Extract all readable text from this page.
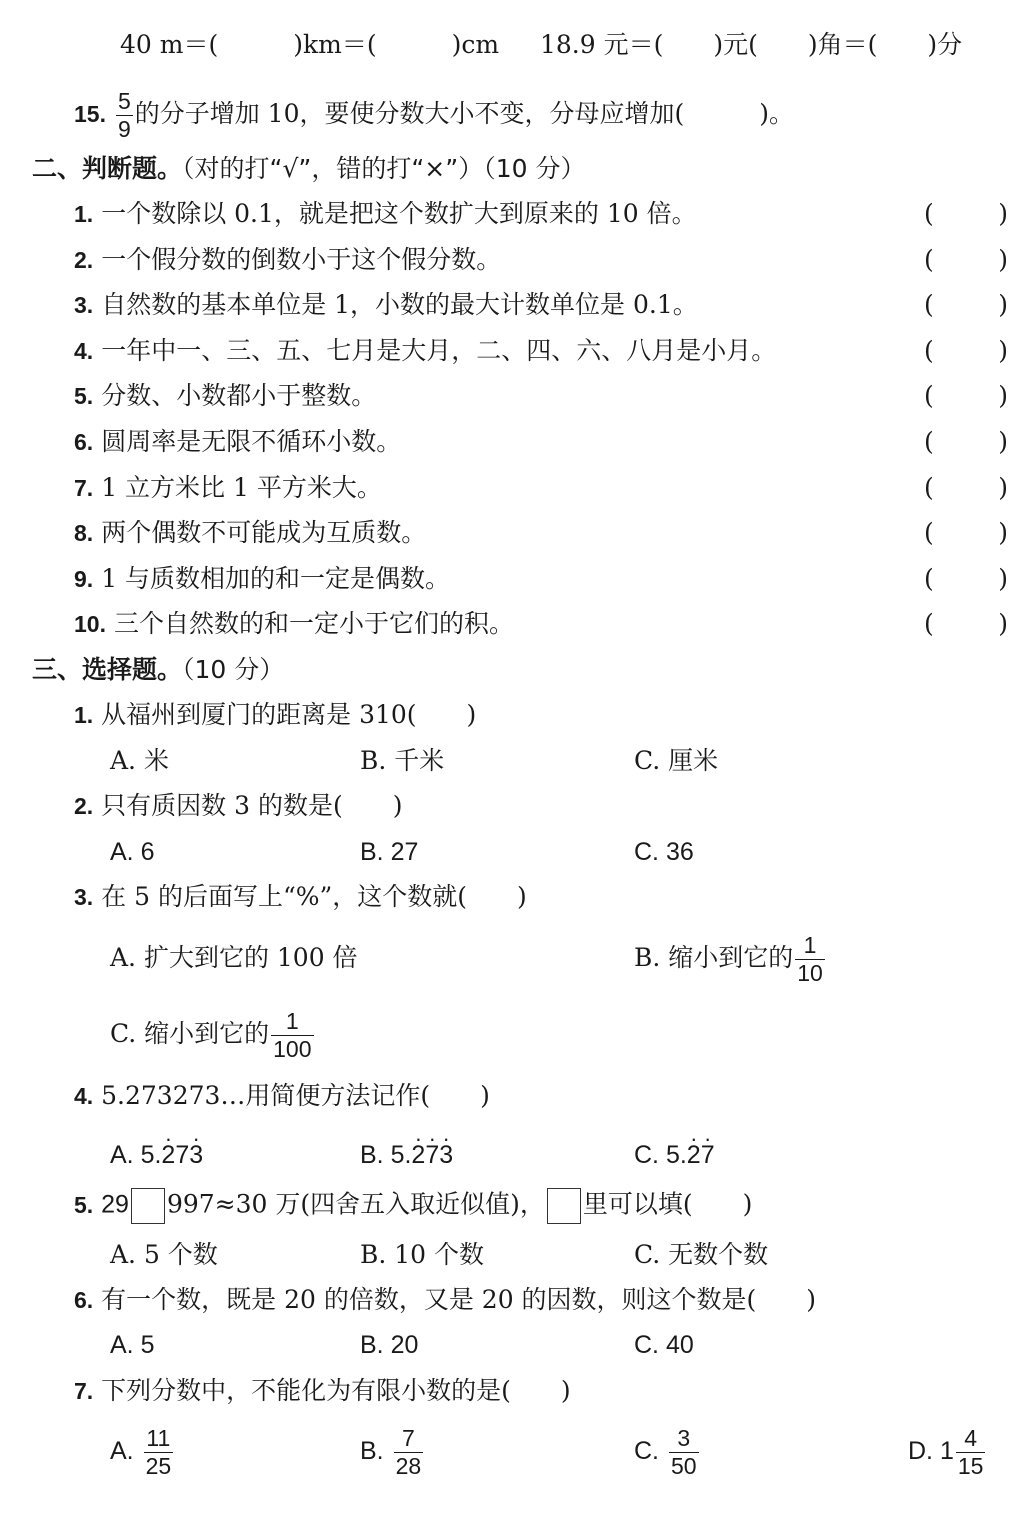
40 m＝(　　　)km＝(　　　)cm 18.9 元＝(　　)元(　　)角＝(　　)分
15. $\frac{5}{9}$ 的分子增加 10，要使分数大小不变，分母应增加(　　　)。
二、判断题。（对的打“√”，错的打“×”）（10 分）
1. 一个数除以 0.1，就是把这个数扩大到原来的 10 倍。	(	)
2. 一个假分数的倒数小于这个假分数。	(	)
3. 自然数的基本单位是 1，小数的最大计数单位是 0.1。	(	)
4. 一年中一、三、五、七月是大月，二、四、六、八月是小月。	(	)
5. 分数、小数都小于整数。	(	)
6. 圆周率是无限不循环小数。	(	)
7. 1 立方米比 1 平方米大。	(	)
8. 两个偶数不可能成为互质数。	(	)
9. 1 与质数相加的和一定是偶数。	(	)
10. 三个自然数的和一定小于它们的积。	(	)
三、选择题。（10 分）
1. 从福州到厦门的距离是 310(　　)
A. 米	B. 千米	C. 厘米
2. 只有质因数 3 的数是(　　)
A. 6	B. 27	C. 36
3. 在 5 的后面写上“%”，这个数就(　　)
A. 扩大到它的 100 倍	B. 缩小到它的 $\frac{1}{10}$
C. 缩小到它的 $\frac{1}{100}$
4. 5.273273…用简便方法记作(　　)
A. 5.· 27· 3	B. 5.· 2· 7· 3	C. 5.· 2· 7
5. 29 997≈30 万(四舍五入取近似值)， 里可以填(　　)
A. 5 个数	B. 10 个数	C. 无数个数
6. 有一个数，既是 20 的倍数，又是 20 的因数，则这个数是(　　)
A. 5	B. 20	C. 40
7. 下列分数中，不能化为有限小数的是(　　)
A. $\frac{11}{25}$	B. $\frac{7}{28}$	C. $\frac{3}{50}$	D. $1 \frac{4}{15}$
